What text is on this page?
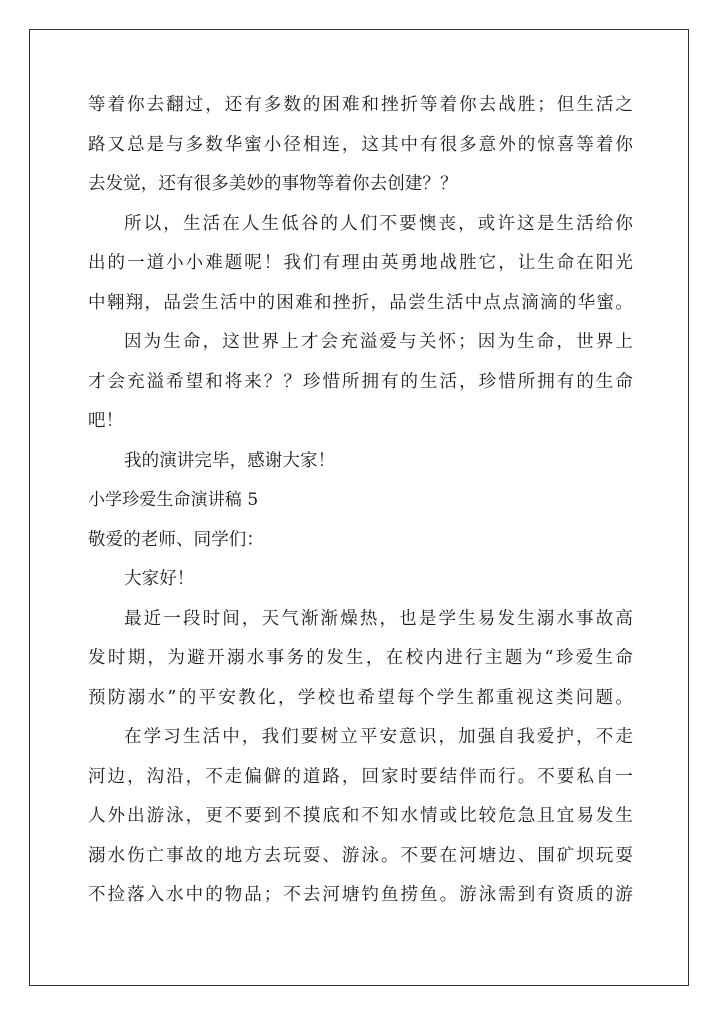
等着你去翻过，还有多数的困难和挫折等着你去战胜；但生活之
路又总是与多数华蜜小径相连，这其中有很多意外的惊喜等着你
去发觉，还有很多美妙的事物等着你去创建？？
所以，生活在人生低谷的人们不要懊丧，或许这是生活给你
出的一道小小难题呢！我们有理由英勇地战胜它，让生命在阳光
中翱翔，品尝生活中的困难和挫折，品尝生活中点点滴滴的华蜜。
因为生命，这世界上才会充溢爱与关怀；因为生命，世界上
才会充溢希望和将来？？珍惜所拥有的生活，珍惜所拥有的生命
吧！
我的演讲完毕，感谢大家！
小学珍爱生命演讲稿 5
敬爱的老师、同学们：
大家好！
最近一段时间，天气渐渐燥热，也是学生易发生溺水事故高
发时期，为避开溺水事务的发生，在校内进行主题为“珍爱生命
预防溺水”的平安教化，学校也希望每个学生都重视这类问题。
在学习生活中，我们要树立平安意识，加强自我爱护，不走
河边，沟沿，不走偏僻的道路，回家时要结伴而行。不要私自一
人外出游泳，更不要到不摸底和不知水情或比较危急且宜易发生
溺水伤亡事故的地方去玩耍、游泳。不要在河塘边、围矿坝玩耍
不捡落入水中的物品；不去河塘钓鱼捞鱼。游泳需到有资质的游
